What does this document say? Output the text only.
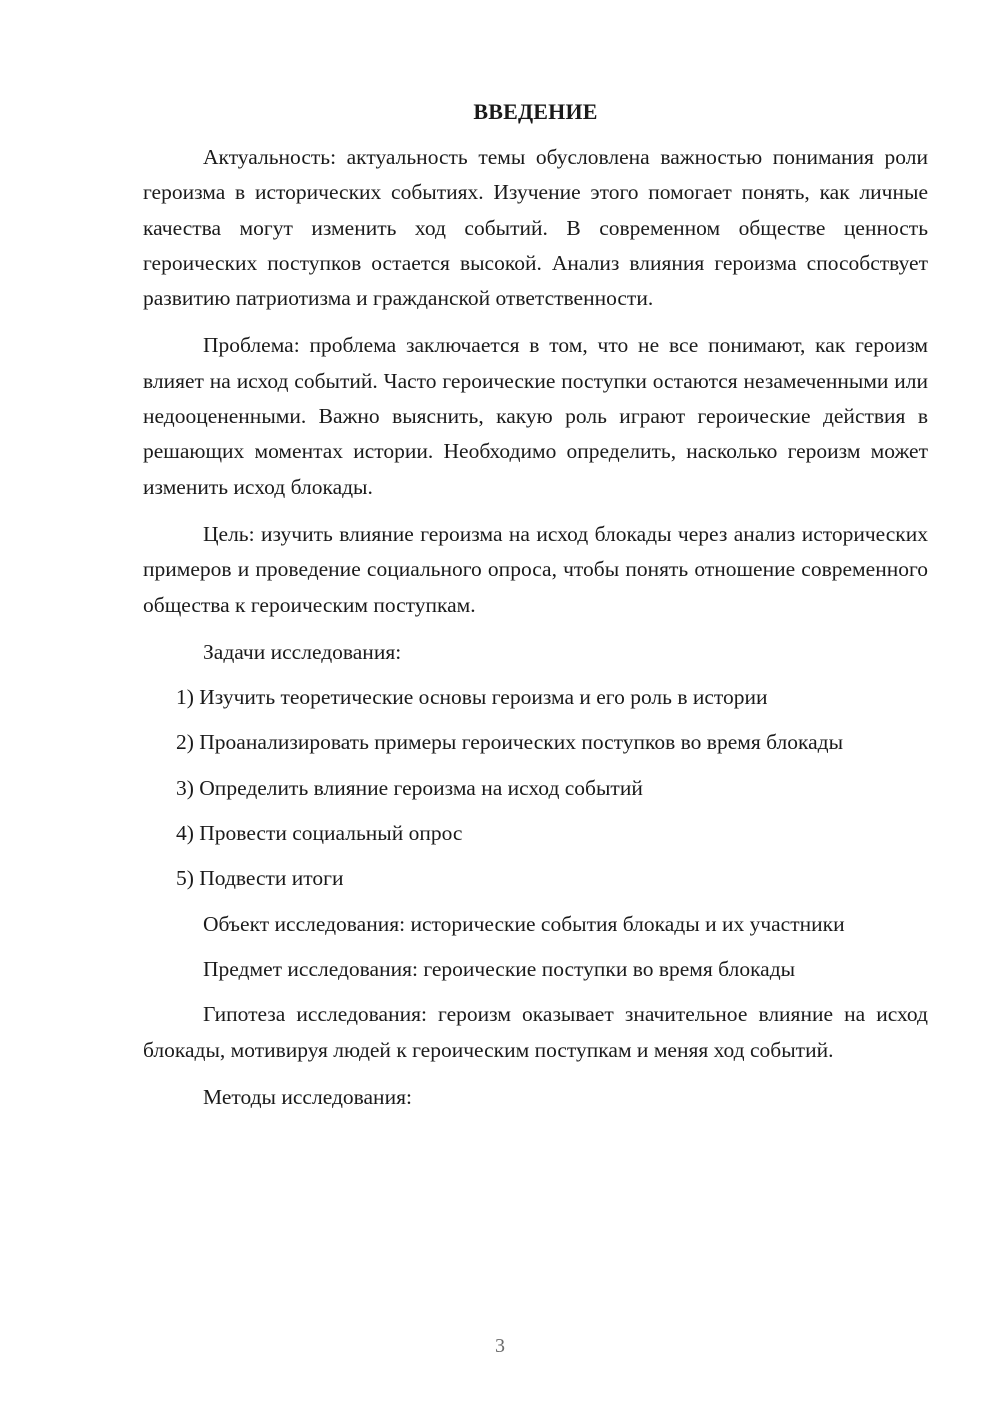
ВВЕДЕНИЕ

Актуальность: актуальность темы обусловлена важностью понимания роли героизма в исторических событиях. Изучение этого помогает понять, как личные качества могут изменить ход событий. В современном обществе ценность героических поступков остается высокой. Анализ влияния героизма способствует развитию патриотизма и гражданской ответственности.

Проблема: проблема заключается в том, что не все понимают, как героизм влияет на исход событий. Часто героические поступки остаются незамеченными или недооцененными. Важно выяснить, какую роль играют героические действия в решающих моментах истории. Необходимо определить, насколько героизм может изменить исход блокады.

Цель: изучить влияние героизма на исход блокады через анализ исторических примеров и проведение социального опроса, чтобы понять отношение современного общества к героическим поступкам.

Задачи исследования:

1) Изучить теоретические основы героизма и его роль в истории

2) Проанализировать примеры героических поступков во время блокады

3) Определить влияние героизма на исход событий

4) Провести социальный опрос

5) Подвести итоги

Объект исследования: исторические события блокады и их участники

Предмет исследования: героические поступки во время блокады

Гипотеза исследования: героизм оказывает значительное влияние на исход блокады, мотивируя людей к героическим поступкам и меняя ход событий.

Методы исследования:

3
